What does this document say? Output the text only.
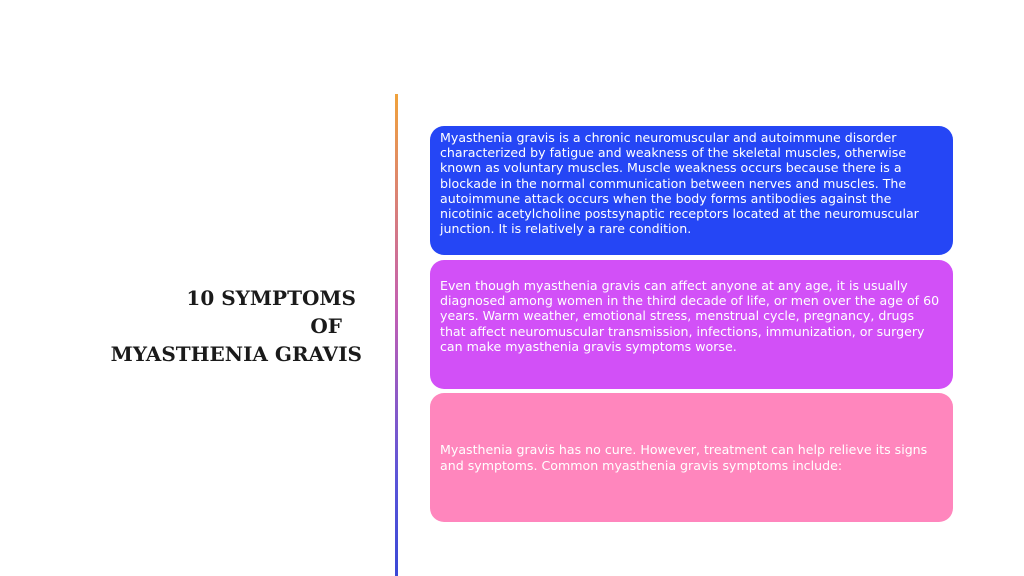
10 SYMPTOMS
OF
MYASTHENIA GRAVIS
Myasthenia gravis is a chronic neuromuscular and autoimmune disorder characterized by fatigue and weakness of the skeletal muscles, otherwise known as voluntary muscles. Muscle weakness occurs because there is a blockade in the normal communication between nerves and muscles. The autoimmune attack occurs when the body forms antibodies against the nicotinic acetylcholine postsynaptic receptors located at the neuromuscular junction. It is relatively a rare condition.
Even though myasthenia gravis can affect anyone at any age, it is usually diagnosed among women in the third decade of life, or men over the age of 60 years. Warm weather, emotional stress, menstrual cycle, pregnancy, drugs that affect neuromuscular transmission, infections, immunization, or surgery can make myasthenia gravis symptoms worse.
Myasthenia gravis has no cure. However, treatment can help relieve its signs and symptoms. Common myasthenia gravis symptoms include:
